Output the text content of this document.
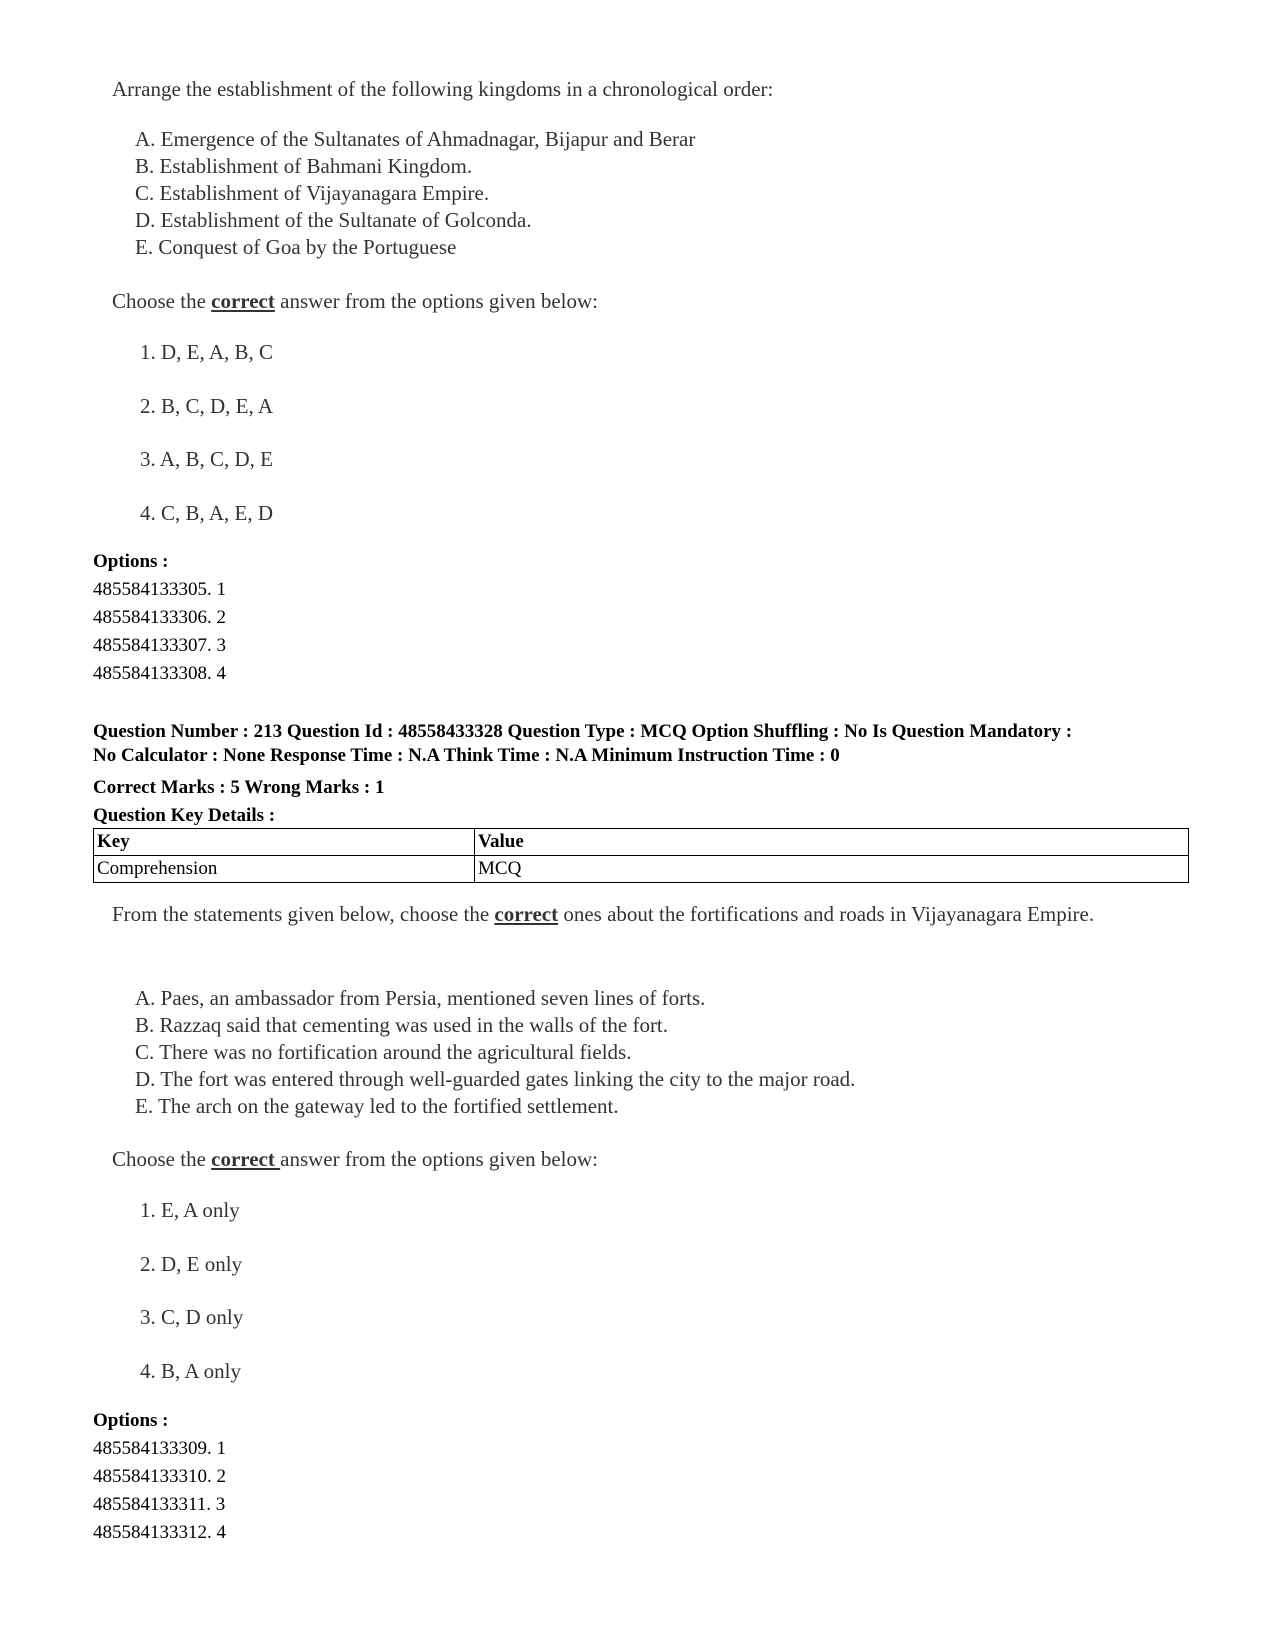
Arrange the establishment of the following kingdoms in a chronological order:

A. Emergence of the Sultanates of Ahmadnagar, Bijapur and Berar
B. Establishment of Bahmani Kingdom.
C. Establishment of Vijayanagara Empire.
D. Establishment of the Sultanate of Golconda.
E. Conquest of Goa by the Portuguese
Choose the correct answer from the options given below:
1. D, E, A, B, C
2. B, C, D, E, A
3. A, B, C, D, E
4. C, B, A, E, D
Options :
485584133305. 1
485584133306. 2
485584133307. 3
485584133308. 4
Question Number : 213 Question Id : 48558433328 Question Type : MCQ Option Shuffling : No Is Question Mandatory :
No Calculator : None Response Time : N.A Think Time : N.A Minimum Instruction Time : 0
Correct Marks : 5 Wrong Marks : 1
Question Key Details :
Key	Value
Comprehension	MCQ
From the statements given below, choose the correct ones about the fortifications and roads in Vijayanagara Empire.
A. Paes, an ambassador from Persia, mentioned seven lines of forts.
B. Razzaq said that cementing was used in the walls of the fort.
C. There was no fortification around the agricultural fields.
D. The fort was entered through well-guarded gates linking the city to the major road.
E. The arch on the gateway led to the fortified settlement.
Choose the correct answer from the options given below:
1. E, A only
2. D, E only
3. C, D only
4. B, A only
Options :
485584133309. 1
485584133310. 2
485584133311. 3
485584133312. 4
